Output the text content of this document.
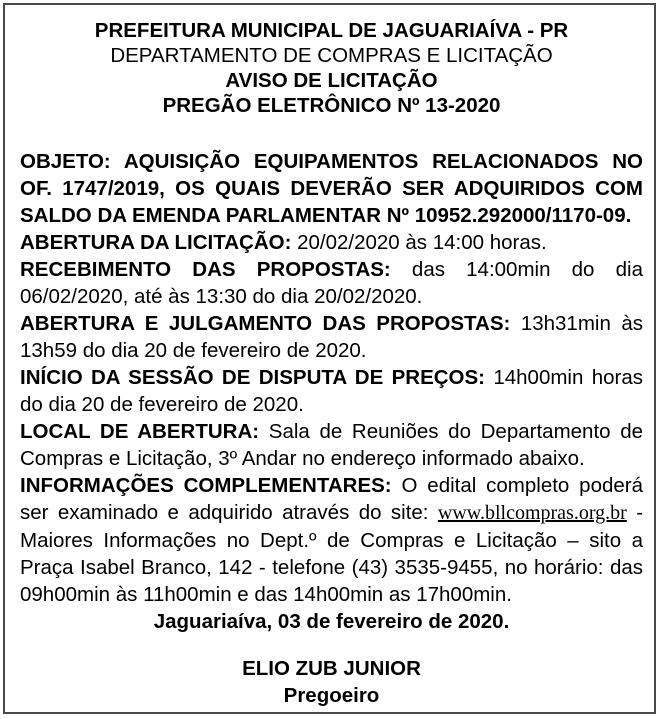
PREFEITURA MUNICIPAL DE JAGUARIAÍVA - PR
DEPARTAMENTO DE COMPRAS E LICITAÇÃO
AVISO DE LICITAÇÃO
PREGÃO ELETRÔNICO Nº 13-2020

OBJETO: AQUISIÇÃO EQUIPAMENTOS RELACIONADOS NO OF. 1747/2019, OS QUAIS DEVERÃO SER ADQUIRIDOS COM SALDO DA EMENDA PARLAMENTAR Nº 10952.292000/1170-09.

ABERTURA DA LICITAÇÃO: 20/02/2020 às 14:00 horas.

RECEBIMENTO DAS PROPOSTAS: das 14:00min do dia 06/02/2020, até às 13:30 do dia 20/02/2020.

ABERTURA E JULGAMENTO DAS PROPOSTAS: 13h31min às 13h59 do dia 20 de fevereiro de 2020.

INÍCIO DA SESSÃO DE DISPUTA DE PREÇOS: 14h00min horas do dia 20 de fevereiro de 2020.

LOCAL DE ABERTURA: Sala de Reuniões do Departamento de Compras e Licitação, 3º Andar no endereço informado abaixo.

INFORMAÇÕES COMPLEMENTARES: O edital completo poderá ser examinado e adquirido através do site: www.bllcompras.org.br - Maiores Informações no Dept.º de Compras e Licitação – sito a Praça Isabel Branco, 142 - telefone (43) 3535-9455, no horário: das 09h00min às 11h00min e das 14h00min as 17h00min.

Jaguariaíva, 03 de fevereiro de 2020.

ELIO ZUB JUNIOR
Pregoeiro
